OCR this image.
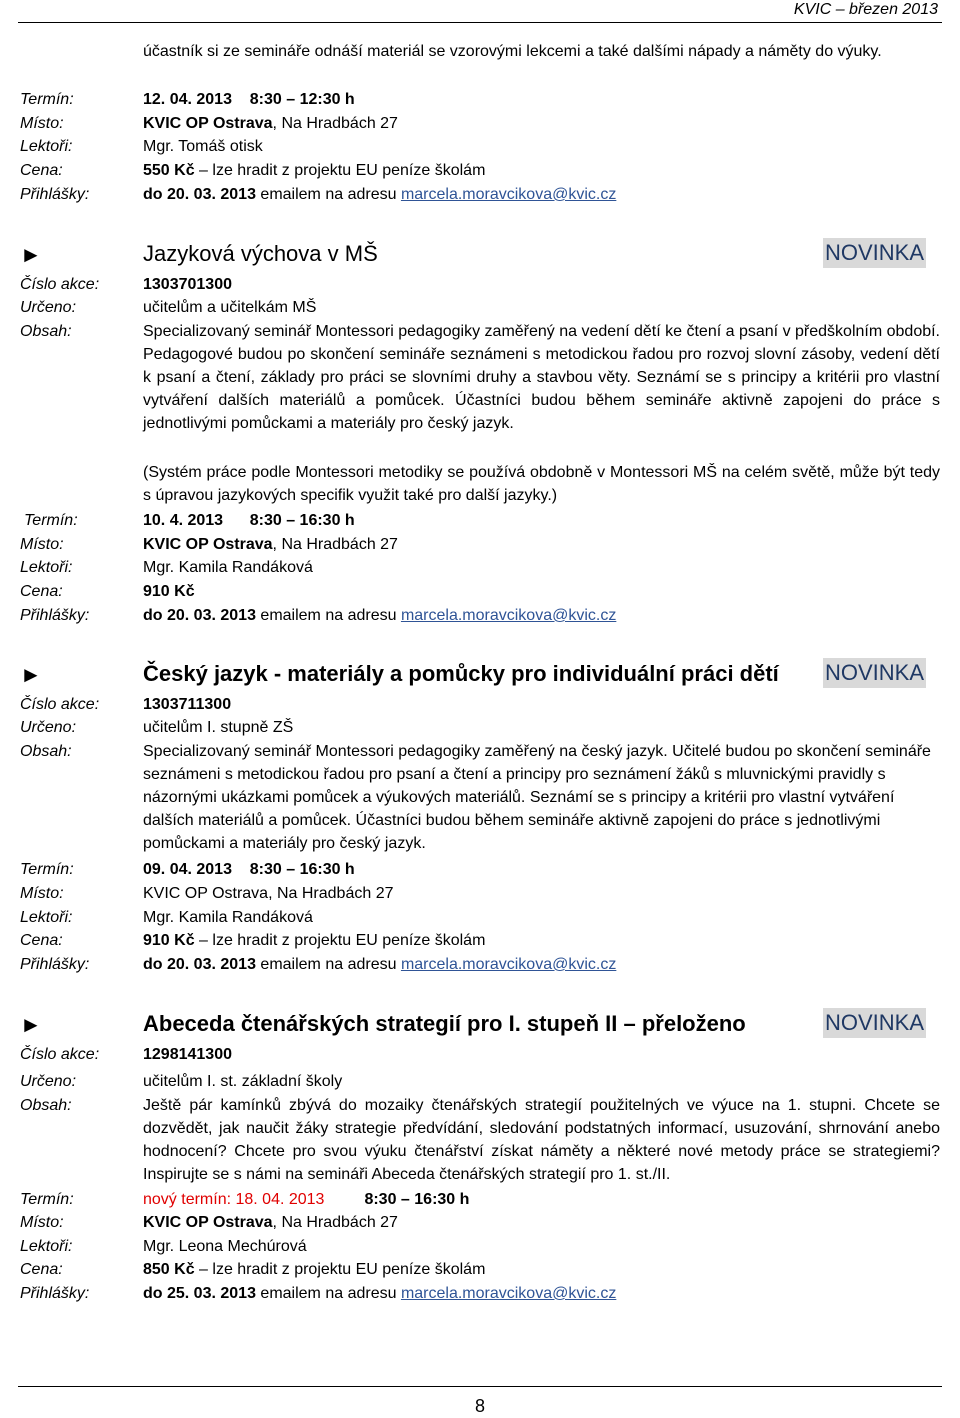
KVIC – březen 2013
účastník si ze semináře odnáší materiál se vzorovými lekcemi a také dalšími nápady a náměty do výuky.
Termín:	12. 04. 2013    8:30 – 12:30 h
Místo:	KVIC OP Ostrava, Na Hradbách 27
Lektoři:	Mgr. Tomáš otisk
Cena:	550 Kč – lze hradit z projektu EU peníze školám
Přihlášky:	do 20. 03. 2013 emailem na adresu marcela.moravcikova@kvic.cz
►	Jazyková výchova v MŠ	NOVINKA
Číslo akce:	1303701300
Určeno:	učitelům a učitelkám MŠ
Obsah:	Specializovaný seminář Montessori pedagogiky zaměřený na vedení dětí ke čtení a psaní v předškolním období. Pedagogové budou po skončení semináře seznámeni s metodickou řadou pro rozvoj slovní zásoby, vedení dětí k psaní a čtení, základy pro práci se slovními druhy a stavbou věty. Seznámí se s principy a kritérii pro vlastní vytváření dalších materiálů a pomůcek. Účastníci budou během semináře aktivně zapojeni do práce s jednotlivými pomůckami a materiály pro český jazyk.
(Systém práce podle Montessori metodiky se používá obdobně v Montessori MŠ na celém světě, může být tedy s úpravou jazykových specifik využit také pro další jazyky.)
Termín:	10. 4. 2013      8:30 – 16:30 h
Místo:	KVIC OP Ostrava, Na Hradbách 27
Lektoři:	Mgr. Kamila Randáková
Cena:	910 Kč
Přihlášky:	do 20. 03. 2013 emailem na adresu marcela.moravcikova@kvic.cz
►	Český jazyk - materiály a pomůcky pro individuální práci dětí NOVINKA
Číslo akce:	1303711300
Určeno:	učitelům I. stupně ZŠ
Obsah:	Specializovaný seminář Montessori pedagogiky zaměřený na český jazyk. Učitelé budou po skončení semináře seznámeni s metodickou řadou pro psaní a čtení a principy pro seznámení žáků s mluvnickými pravidly s názornými ukázkami pomůcek a výukových materiálů. Seznámí se s principy a kritérii pro vlastní vytváření dalších materiálů a pomůcek. Účastníci budou během semináře aktivně zapojeni do práce s jednotlivými pomůckami a materiály pro český jazyk.
Termín:	09. 04. 2013    8:30 – 16:30 h
Místo:	KVIC OP Ostrava, Na Hradbách 27
Lektoři:	Mgr. Kamila Randáková
Cena:	910 Kč – lze hradit z projektu EU peníze školám
Přihlášky:	do 20. 03. 2013 emailem na adresu marcela.moravcikova@kvic.cz
►	Abeceda čtenářských strategií pro I. stupeň II – přeloženo	NOVINKA
Číslo akce:	1298141300
Určeno:	učitelům I. st. základní školy
Obsah:	Ještě pár kamínků zbývá do mozaiky čtenářských strategií použitelných ve výuce na 1. stupni. Chcete se dozvědět, jak naučit žáky strategie předvídání, sledování podstatných informací, usuzování, shrnování anebo hodnocení? Chcete pro svou výuku čtenářství získat náměty a některé nové metody práce se strategiemi? Inspirujte se s námi na semináři Abeceda čtenářských strategií pro 1. st./II.
Termín:	nový termín: 18. 04. 2013	8:30 – 16:30 h
Místo:	KVIC OP Ostrava, Na Hradbách 27
Lektoři:	Mgr. Leona Mechúrová
Cena:	850 Kč – lze hradit z projektu EU peníze školám
Přihlášky:	do 25. 03. 2013 emailem na adresu marcela.moravcikova@kvic.cz
8
